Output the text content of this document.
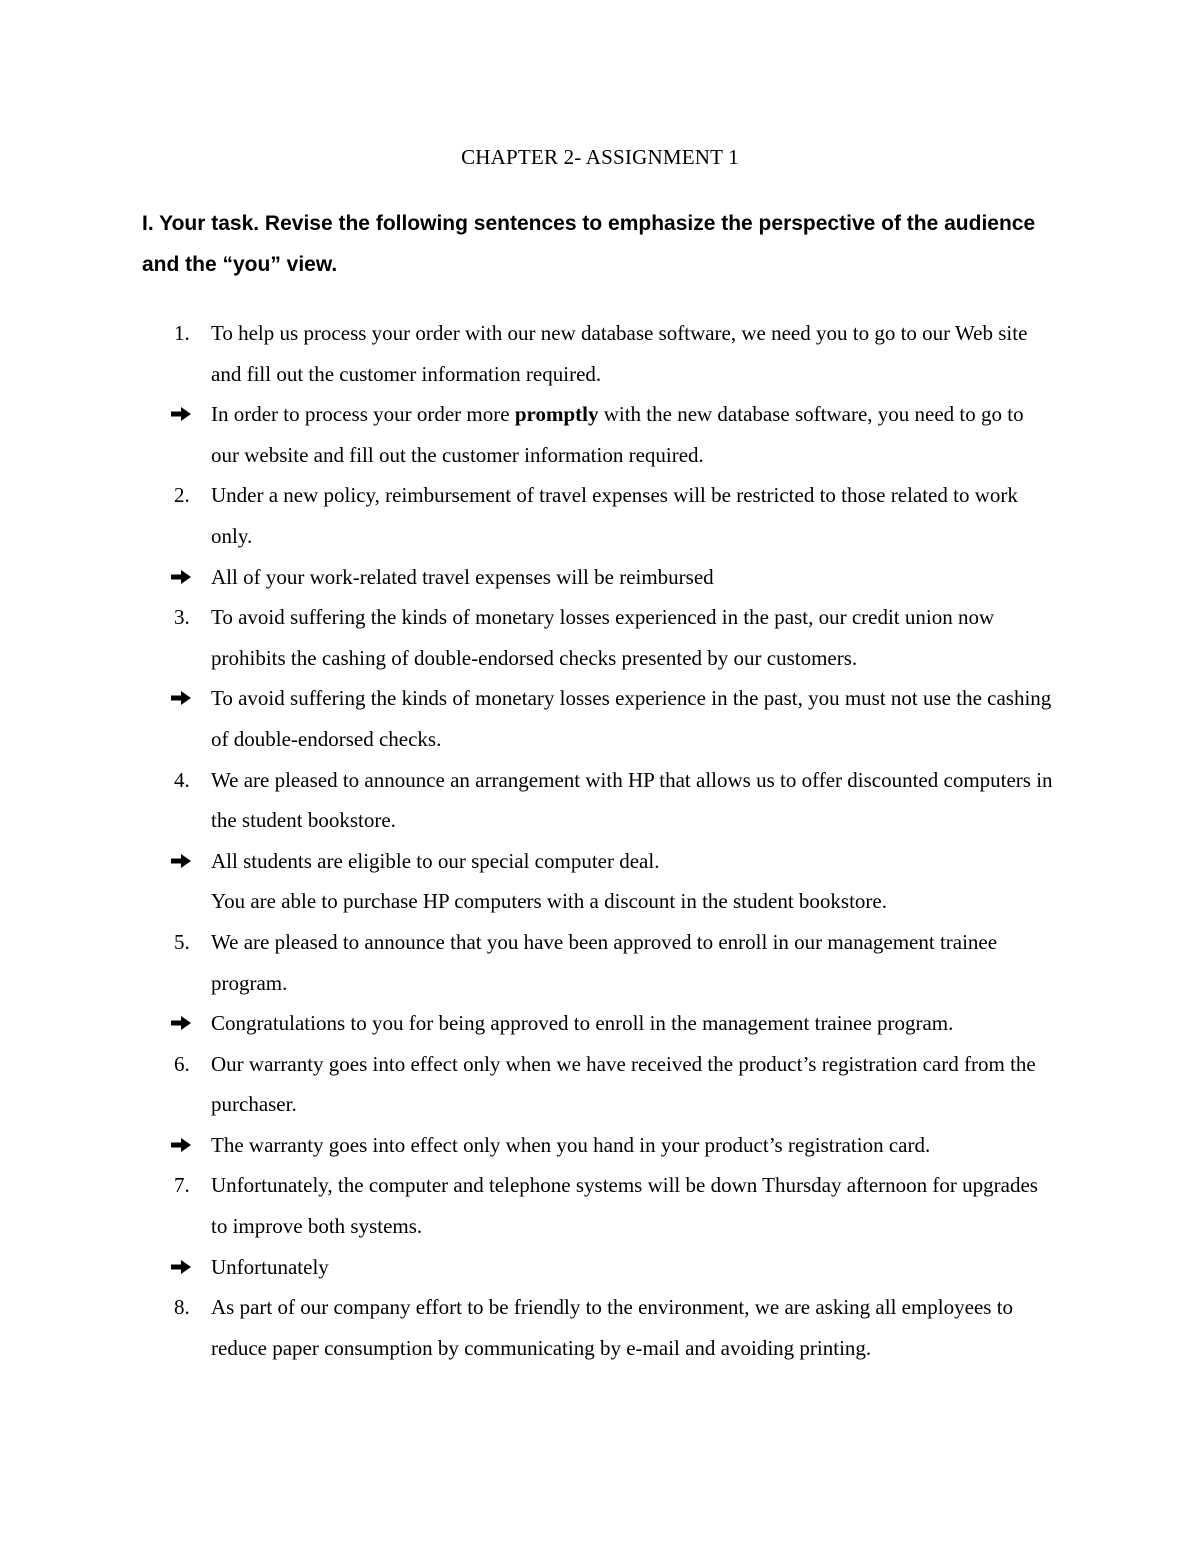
CHAPTER 2- ASSIGNMENT 1
I. Your task. Revise the following sentences to emphasize the perspective of the audience and the “you” view.
1.	To help us process your order with our new database software, we need you to go to our Web site and fill out the customer information required.
In order to process your order more promptly with the new database software, you need to go to our website and fill out the customer information required.
2.	Under a new policy, reimbursement of travel expenses will be restricted to those related to work only.
All of your work-related travel expenses will be reimbursed
3.	To avoid suffering the kinds of monetary losses experienced in the past, our credit union now prohibits the cashing of double-endorsed checks presented by our customers.
To avoid suffering the kinds of monetary losses experience in the past, you must not use the cashing of double-endorsed checks.
4.	We are pleased to announce an arrangement with HP that allows us to offer discounted computers in the student bookstore.
All students are eligible to our special computer deal.
You are able to purchase HP computers with a discount in the student bookstore.
5.	We are pleased to announce that you have been approved to enroll in our management trainee program.
Congratulations to you for being approved to enroll in the management trainee program.
6.	Our warranty goes into effect only when we have received the product’s registration card from the purchaser.
The warranty goes into effect only when you hand in your product’s registration card.
7.	Unfortunately, the computer and telephone systems will be down Thursday afternoon for upgrades to improve both systems.
Unfortunately
8.	As part of our company effort to be friendly to the environment, we are asking all employees to reduce paper consumption by communicating by e-mail and avoiding printing.
